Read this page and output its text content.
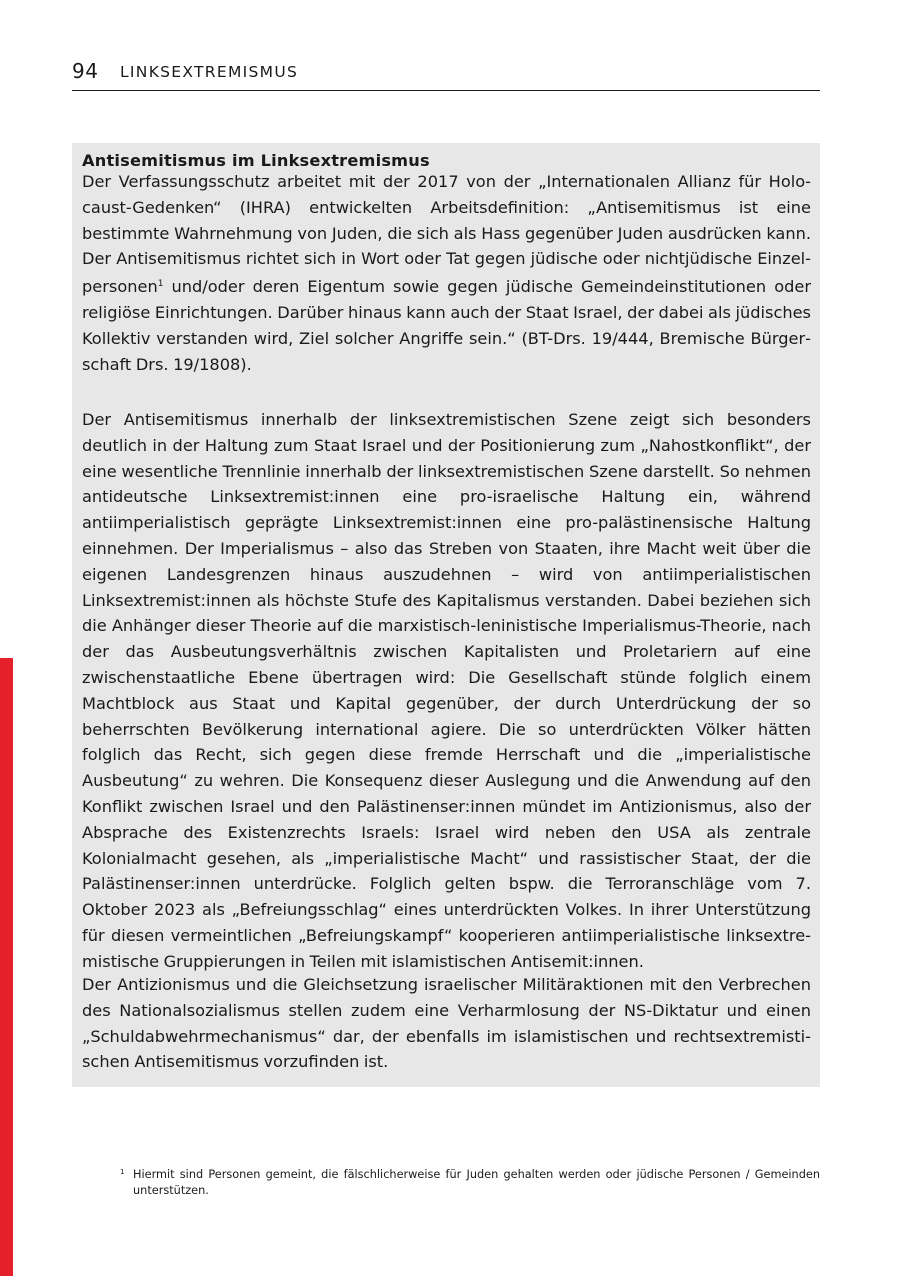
94 LINKSEXTREMISMUS
Antisemitismus im Linksextremismus

Der Verfassungsschutz arbeitet mit der 2017 von der „Internationalen Allianz für Holocaust-Gedenken“ (IHRA) entwickelten Arbeitsdefinition: „Antisemitismus ist eine bestimmte Wahrnehmung von Juden, die sich als Hass gegenüber Juden ausdrücken kann. Der Antisemitismus richtet sich in Wort oder Tat gegen jüdische oder nichtjüdische Einzelpersonen$^1$ und/oder deren Eigentum sowie gegen jüdische Gemeindeinstitutionen oder religiöse Einrichtungen. Darüber hinaus kann auch der Staat Israel, der dabei als jüdisches Kollektiv verstanden wird, Ziel solcher Angriffe sein.“ (BT-Drs. 19/444, Bremische Bürgerschaft Drs. 19/1808).

Der Antisemitismus innerhalb der linksextremistischen Szene zeigt sich besonders deutlich in der Haltung zum Staat Israel und der Positionierung zum „Nahostkonflikt“, der eine wesentliche Trennlinie innerhalb der linksextremistischen Szene darstellt. So nehmen antideutsche Linksextremist:innen eine pro-israelische Haltung ein, während antiimperialistisch geprägte Linksextremist:innen eine pro-palästinensische Haltung einnehmen. Der Imperialismus – also das Streben von Staaten, ihre Macht weit über die eigenen Landesgrenzen hinaus auszudehnen – wird von antiimperialistischen Linksextremist:innen als höchste Stufe des Kapitalismus verstanden. Dabei beziehen sich die Anhänger dieser Theorie auf die marxistisch-leninistische Imperialismus-Theorie, nach der das Ausbeutungsverhältnis zwischen Kapitalisten und Proletariern auf eine zwischenstaatliche Ebene übertragen wird: Die Gesellschaft stünde folglich einem Machtblock aus Staat und Kapital gegenüber, der durch Unterdrückung der so beherrschten Bevölkerung international agiere. Die so unterdrückten Völker hätten folglich das Recht, sich gegen diese fremde Herrschaft und die „imperialistische Ausbeutung“ zu wehren. Die Konsequenz dieser Auslegung und die Anwendung auf den Konflikt zwischen Israel und den Palästinenser:innen mündet im Antizionismus, also der Absprache des Existenzrechts Israels: Israel wird neben den USA als zentrale Kolonialmacht gesehen, als „imperialistische Macht“ und rassistischer Staat, der die Palästinenser:innen unterdrücke. Folglich gelten bspw. die Terroranschläge vom 7. Oktober 2023 als „Befreiungsschlag“ eines unterdrückten Volkes. In ihrer Unterstützung für diesen vermeintlichen „Befreiungskampf“ kooperieren antiimperialistische linksextremistische Gruppierungen in Teilen mit islamistischen Antisemit:innen.

Der Antizionismus und die Gleichsetzung israelischer Militäraktionen mit den Verbrechen des Nationalsozialismus stellen zudem eine Verharmlosung der NS-Diktatur und einen „Schuldabwehrmechanismus“ dar, der ebenfalls im islamistischen und rechtsextremistischen Antisemitismus vorzufinden ist.

1 Hiermit sind Personen gemeint, die fälschlicherweise für Juden gehalten werden oder jüdische Personen / Gemeinden unterstützen.
